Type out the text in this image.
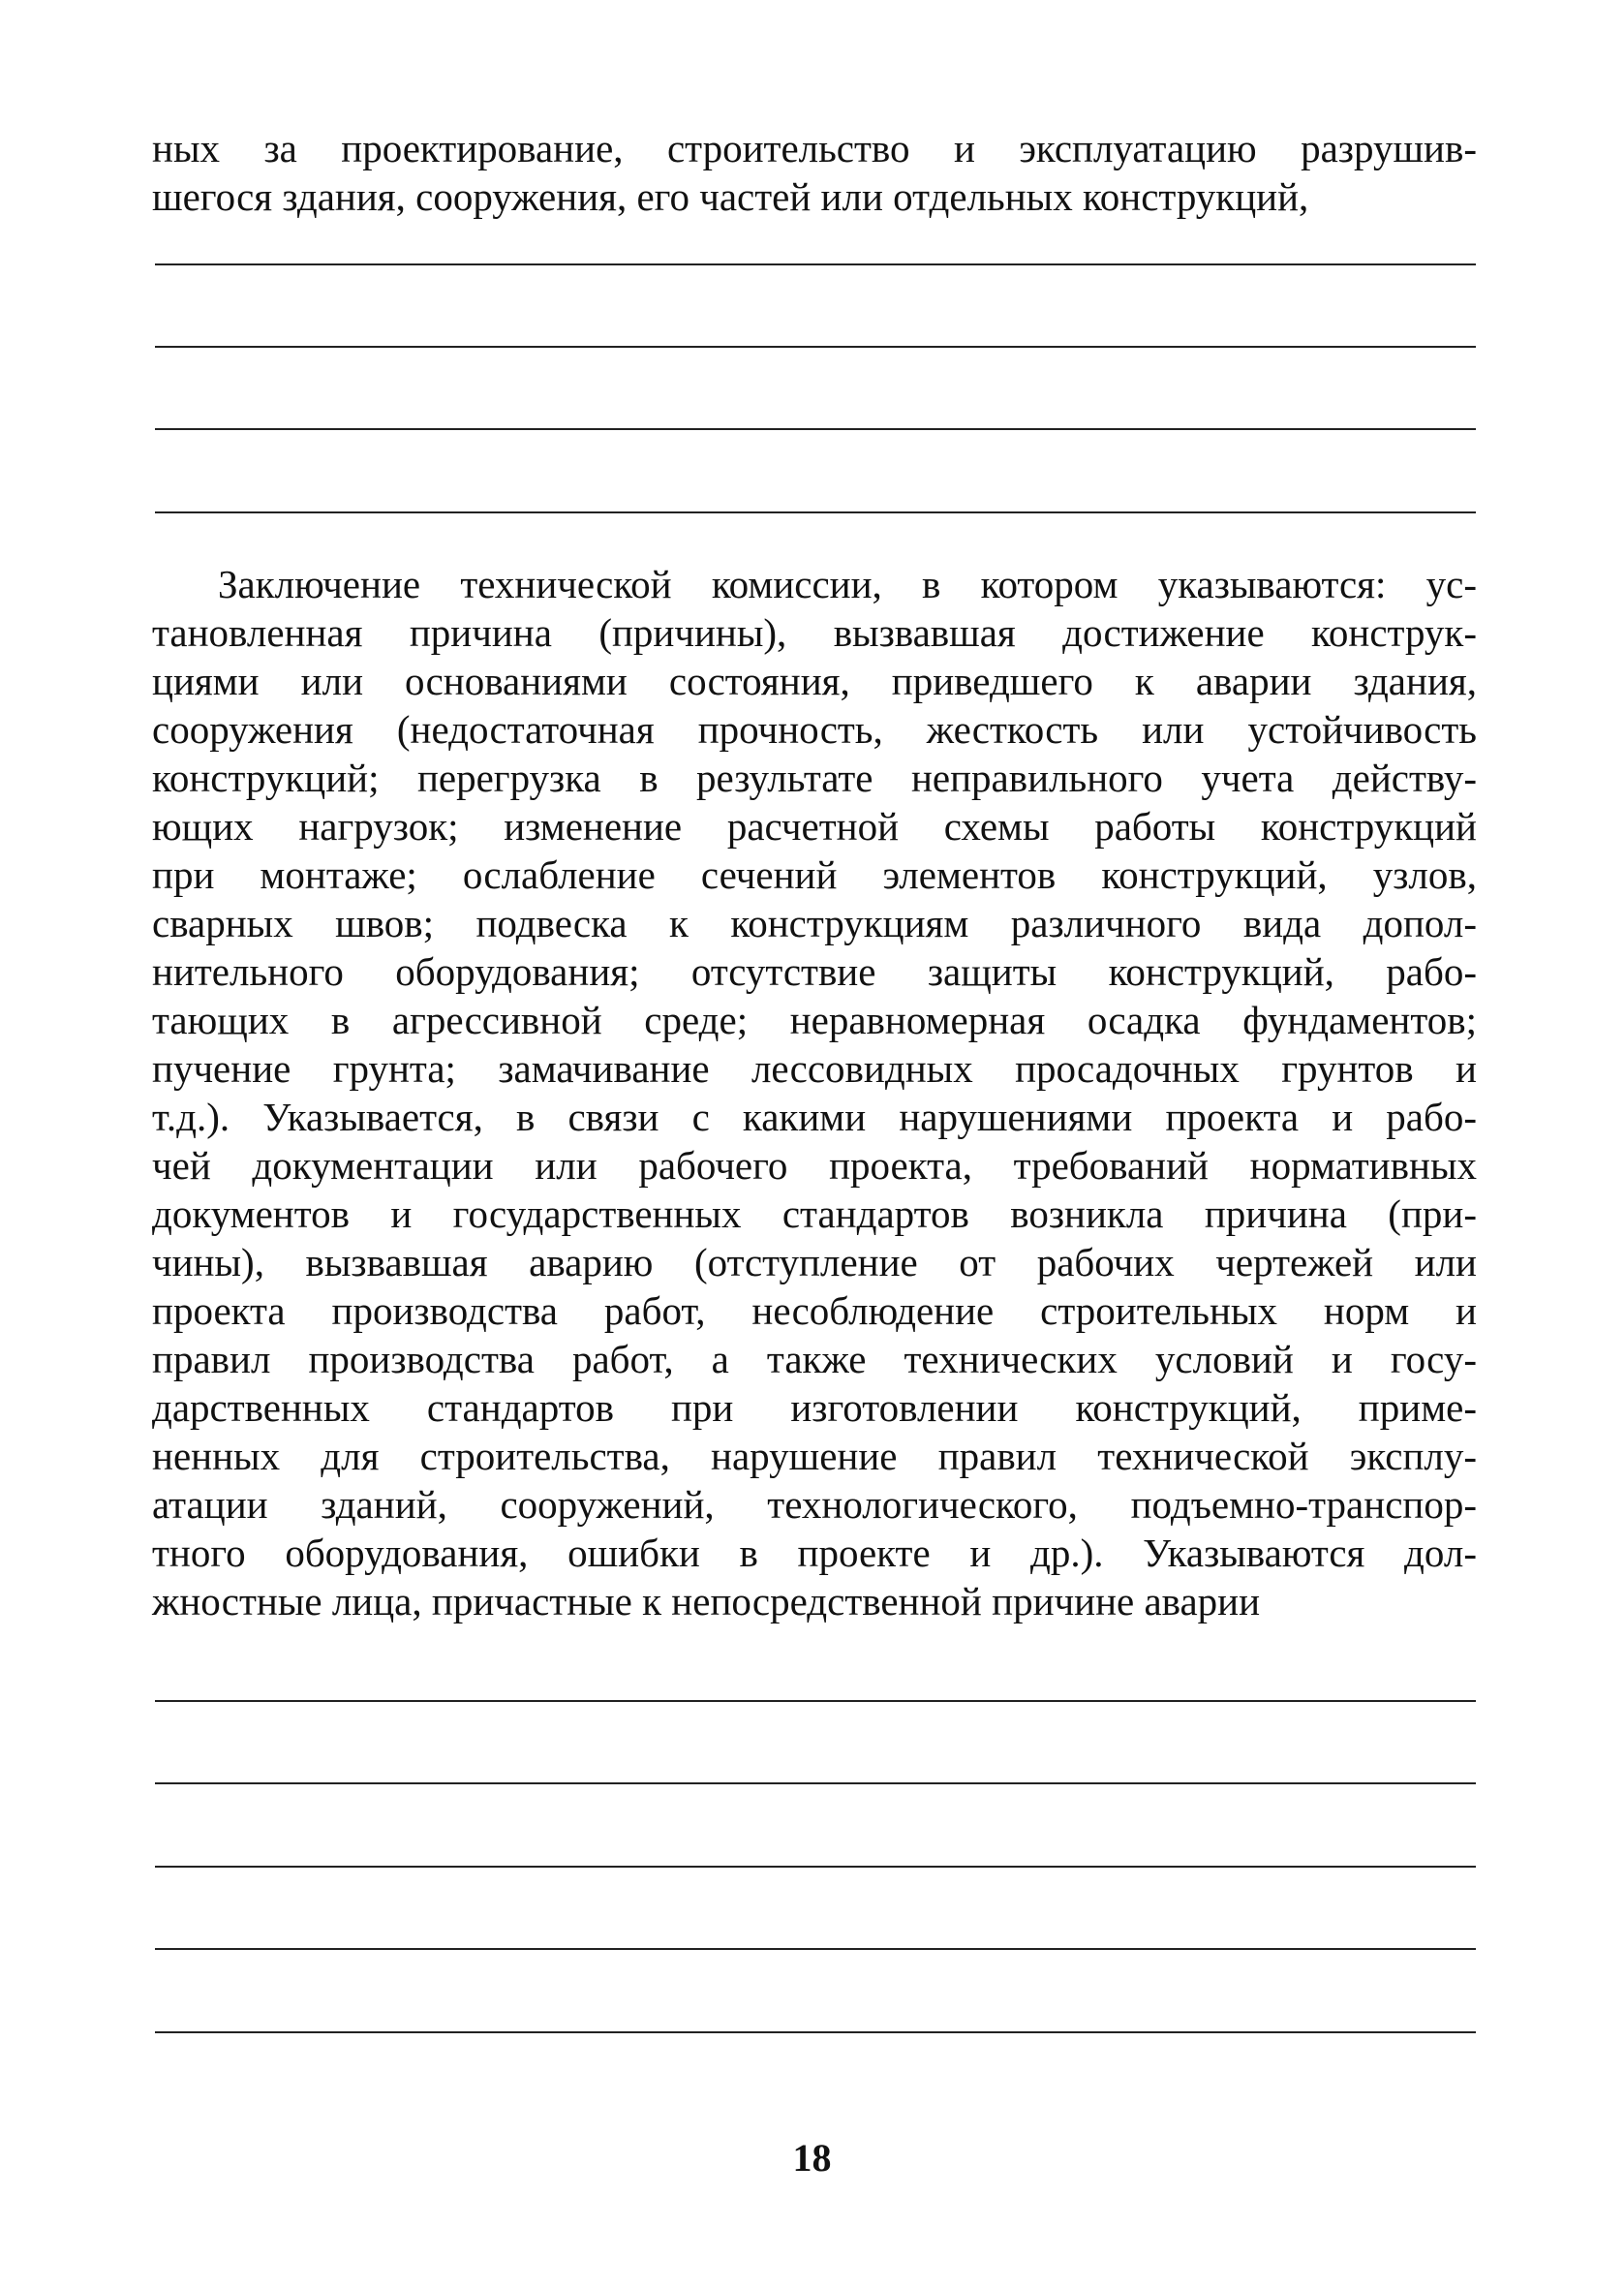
ных за проектирование, строительство и эксплуатацию разрушив-
шегося здания, сооружения, его частей или отдельных конструкций,
Заключение технической комиссии, в котором указываются: ус-
тановленная причина (причины), вызвавшая достижение конструк-
циями или основаниями состояния, приведшего к аварии здания,
сооружения (недостаточная прочность, жесткость или устойчивость
конструкций; перегрузка в результате неправильного учета действу-
ющих нагрузок; изменение расчетной схемы работы конструкций
при монтаже; ослабление сечений элементов конструкций, узлов,
сварных швов; подвеска к конструкциям различного вида допол-
нительного оборудования; отсутствие защиты конструкций, рабо-
тающих в агрессивной среде; неравномерная осадка фундаментов;
пучение грунта; замачивание лессовидных просадочных грунтов и
т.д.). Указывается, в связи с какими нарушениями проекта и рабо-
чей документации или рабочего проекта, требований нормативных
документов и государственных стандартов возникла причина (при-
чины), вызвавшая аварию (отступление от рабочих чертежей или
проекта производства работ, несоблюдение строительных норм и
правил производства работ, а также технических условий и госу-
дарственных стандартов при изготовлении конструкций, приме-
ненных для строительства, нарушение правил технической эксплу-
атации зданий, сооружений, технологического, подъемно-транспор-
тного оборудования, ошибки в проекте и др.). Указываются дол-
жностные лица, причастные к непосредственной причине аварии
18
